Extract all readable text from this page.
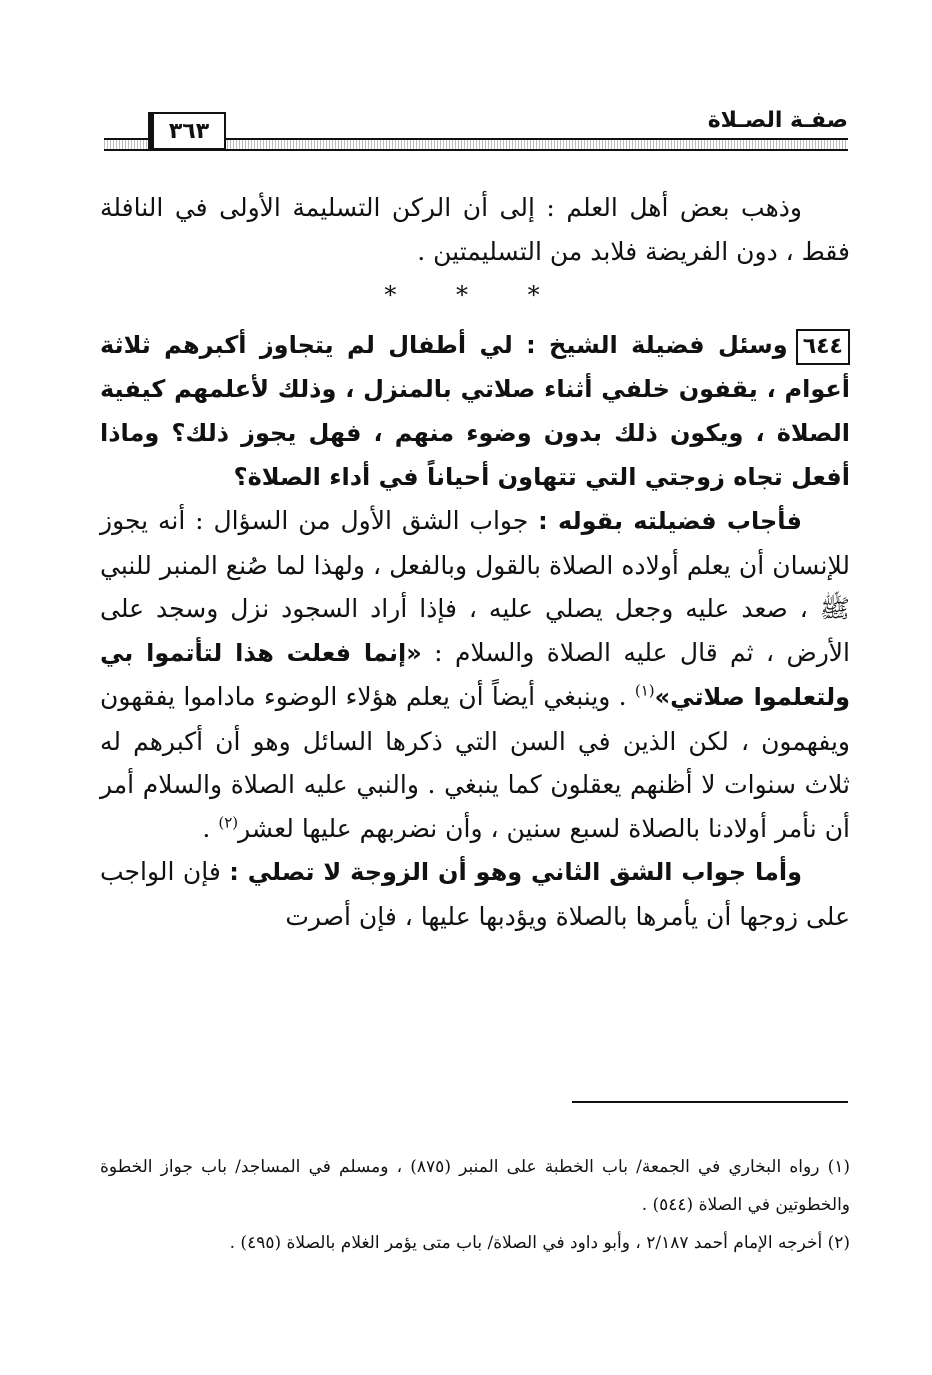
٣٦٣	صفـة الصـلاة

وذهب بعض أهل العلم : إلى أن الركن التسليمة الأولى في النافلة فقط ، دون الفريضة فلابد من التسليمتين .

* * *

٦٤٤وسئل فضيلة الشيخ : لي أطفال لم يتجاوز أكبرهم ثلاثة أعوام ، يقفون خلفي أثناء صلاتي بالمنزل ، وذلك لأعلمهم كيفية الصلاة ، ويكون ذلك بدون وضوء منهم ، فهل يجوز ذلك؟ وماذا أفعل تجاه زوجتي التي تتهاون أحياناً في أداء الصلاة؟

فأجاب فضيلته بقوله : جواب الشق الأول من السؤال : أنه يجوز للإنسان أن يعلم أولاده الصلاة بالقول وبالفعل ، ولهذا لما صُنع المنبر للنبي ﷺ ، صعد عليه وجعل يصلي عليه ، فإذا أراد السجود نزل وسجد على الأرض ، ثم قال عليه الصلاة والسلام : «إنما فعلت هذا لتأتموا بي ولتعلموا صلاتي»$^{(١)}$ . وينبغي أيضاً أن يعلم هؤلاء الوضوء ماداموا يفقهون ويفهمون ، لكن الذين في السن التي ذكرها السائل وهو أن أكبرهم له ثلاث سنوات لا أظنهم يعقلون كما ينبغي . والنبي عليه الصلاة والسلام أمر أن نأمر أولادنا بالصلاة لسبع سنين ، وأن نضربهم عليها لعشر$^{(٢)}$ .

وأما جواب الشق الثاني وهو أن الزوجة لا تصلي : فإن الواجب على زوجها أن يأمرها بالصلاة ويؤدبها عليها ، فإن أصرت

(١) رواه البخاري في الجمعة/ باب الخطبة على المنبر (٨٧٥) ، ومسلم في المساجد/ باب جواز الخطوة والخطوتين في الصلاة (٥٤٤) .

(٢) أخرجه الإمام أحمد ٢/١٨٧ ، وأبو داود في الصلاة/ باب متى يؤمر الغلام بالصلاة (٤٩٥) .
